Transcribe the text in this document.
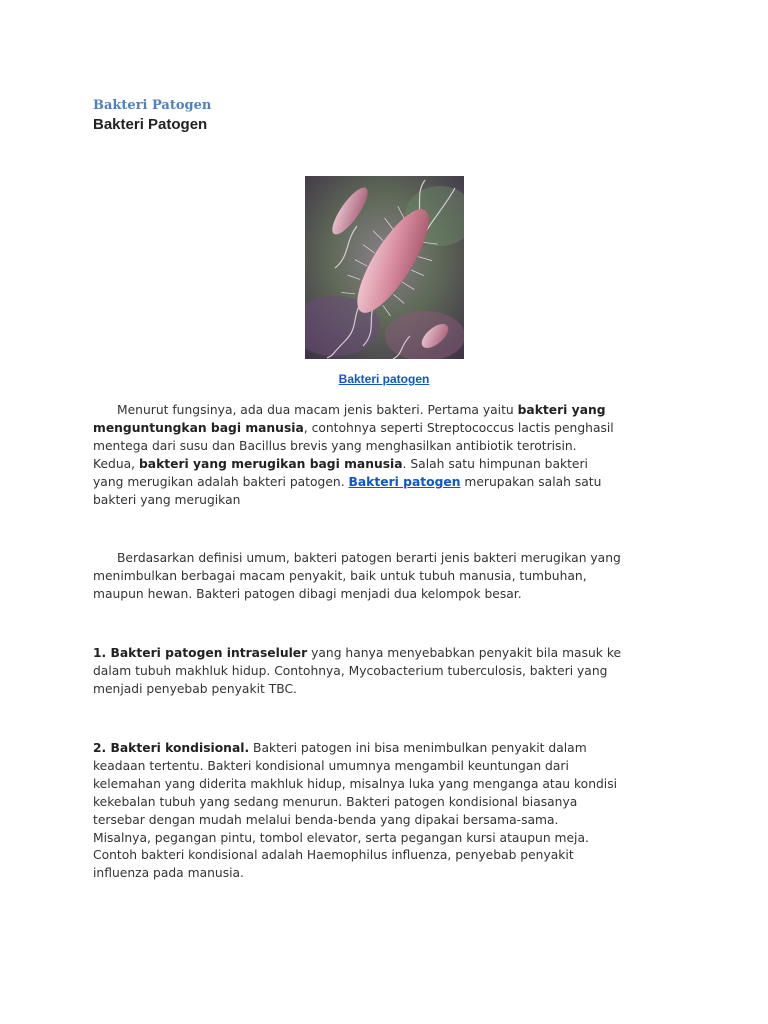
Bakteri Patogen
Bakteri Patogen
Bakteri patogen

Menurut fungsinya, ada dua macam jenis bakteri. Pertama yaitu bakteri yang
menguntungkan bagi manusia, contohnya seperti Streptococcus lactis penghasil
mentega dari susu dan Bacillus brevis yang menghasilkan antibiotik terotrisin.
Kedua, bakteri yang merugikan bagi manusia. Salah satu himpunan bakteri
yang merugikan adalah bakteri patogen. Bakteri patogen merupakan salah satu
bakteri yang merugikan

Berdasarkan definisi umum, bakteri patogen berarti jenis bakteri merugikan yang
menimbulkan berbagai macam penyakit, baik untuk tubuh manusia, tumbuhan,
maupun hewan. Bakteri patogen dibagi menjadi dua kelompok besar.

1. Bakteri patogen intraseluler yang hanya menyebabkan penyakit bila masuk ke
dalam tubuh makhluk hidup. Contohnya, Mycobacterium tuberculosis, bakteri yang
menjadi penyebab penyakit TBC.

2. Bakteri kondisional. Bakteri patogen ini bisa menimbulkan penyakit dalam
keadaan tertentu. Bakteri kondisional umumnya mengambil keuntungan dari
kelemahan yang diderita makhluk hidup, misalnya luka yang menganga atau kondisi
kekebalan tubuh yang sedang menurun. Bakteri patogen kondisional biasanya
tersebar dengan mudah melalui benda-benda yang dipakai bersama-sama.
Misalnya, pegangan pintu, tombol elevator, serta pegangan kursi ataupun meja.
Contoh bakteri kondisional adalah Haemophilus influenza, penyebab penyakit
influenza pada manusia.
